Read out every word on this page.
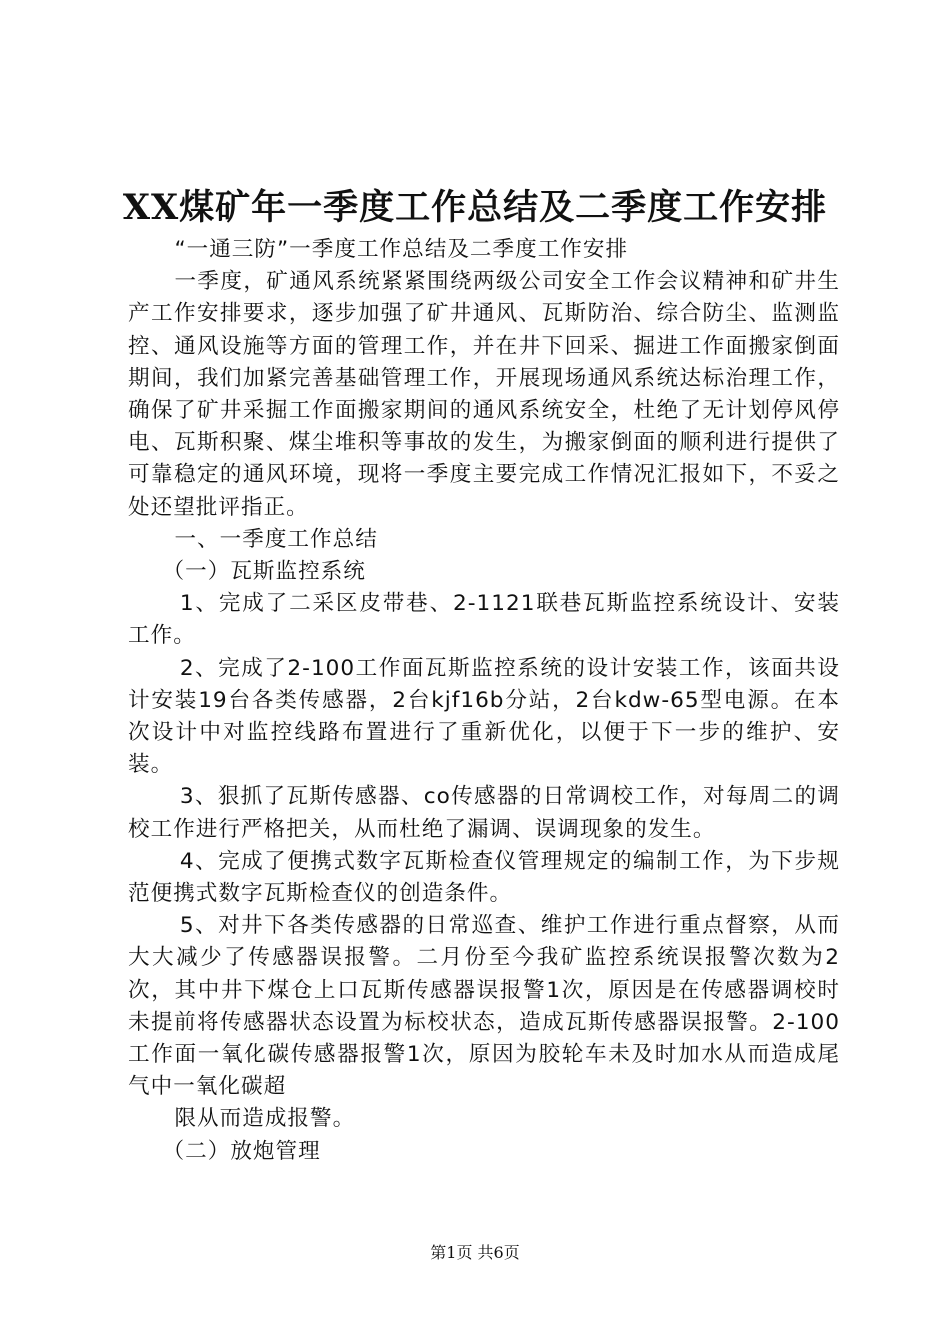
XX煤矿年一季度工作总结及二季度工作安排

“一通三防”一季度工作总结及二季度工作安排

一季度，矿通风系统紧紧围绕两级公司安全工作会议精神和矿井生产工作安排要求，逐步加强了矿井通风、瓦斯防治、综合防尘、监测监控、通风设施等方面的管理工作，并在井下回采、掘进工作面搬家倒面期间，我们加紧完善基础管理工作，开展现场通风系统达标治理工作，确保了矿井采掘工作面搬家期间的通风系统安全，杜绝了无计划停风停电、瓦斯积聚、煤尘堆积等事故的发生，为搬家倒面的顺利进行提供了可靠稳定的通风环境，现将一季度主要完成工作情况汇报如下，不妥之处还望批评指正。

一、一季度工作总结

（一）瓦斯监控系统

1、完成了二采区皮带巷、2-1121联巷瓦斯监控系统设计、安装工作。

2、完成了2-100工作面瓦斯监控系统的设计安装工作，该面共设计安装19台各类传感器，2台kjf16b分站，2台kdw-65型电源。在本次设计中对监控线路布置进行了重新优化，以便于下一步的维护、安装。

3、狠抓了瓦斯传感器、co传感器的日常调校工作，对每周二的调校工作进行严格把关，从而杜绝了漏调、误调现象的发生。

4、完成了便携式数字瓦斯检查仪管理规定的编制工作，为下步规范便携式数字瓦斯检查仪的创造条件。

5、对井下各类传感器的日常巡查、维护工作进行重点督察，从而大大减少了传感器误报警。二月份至今我矿监控系统误报警次数为2次，其中井下煤仓上口瓦斯传感器误报警1次，原因是在传感器调校时未提前将传感器状态设置为标校状态，造成瓦斯传感器误报警。2-100工作面一氧化碳传感器报警1次，原因为胶轮车未及时加水从而造成尾气中一氧化碳超

限从而造成报警。

（二）放炮管理

第1页 共6页
